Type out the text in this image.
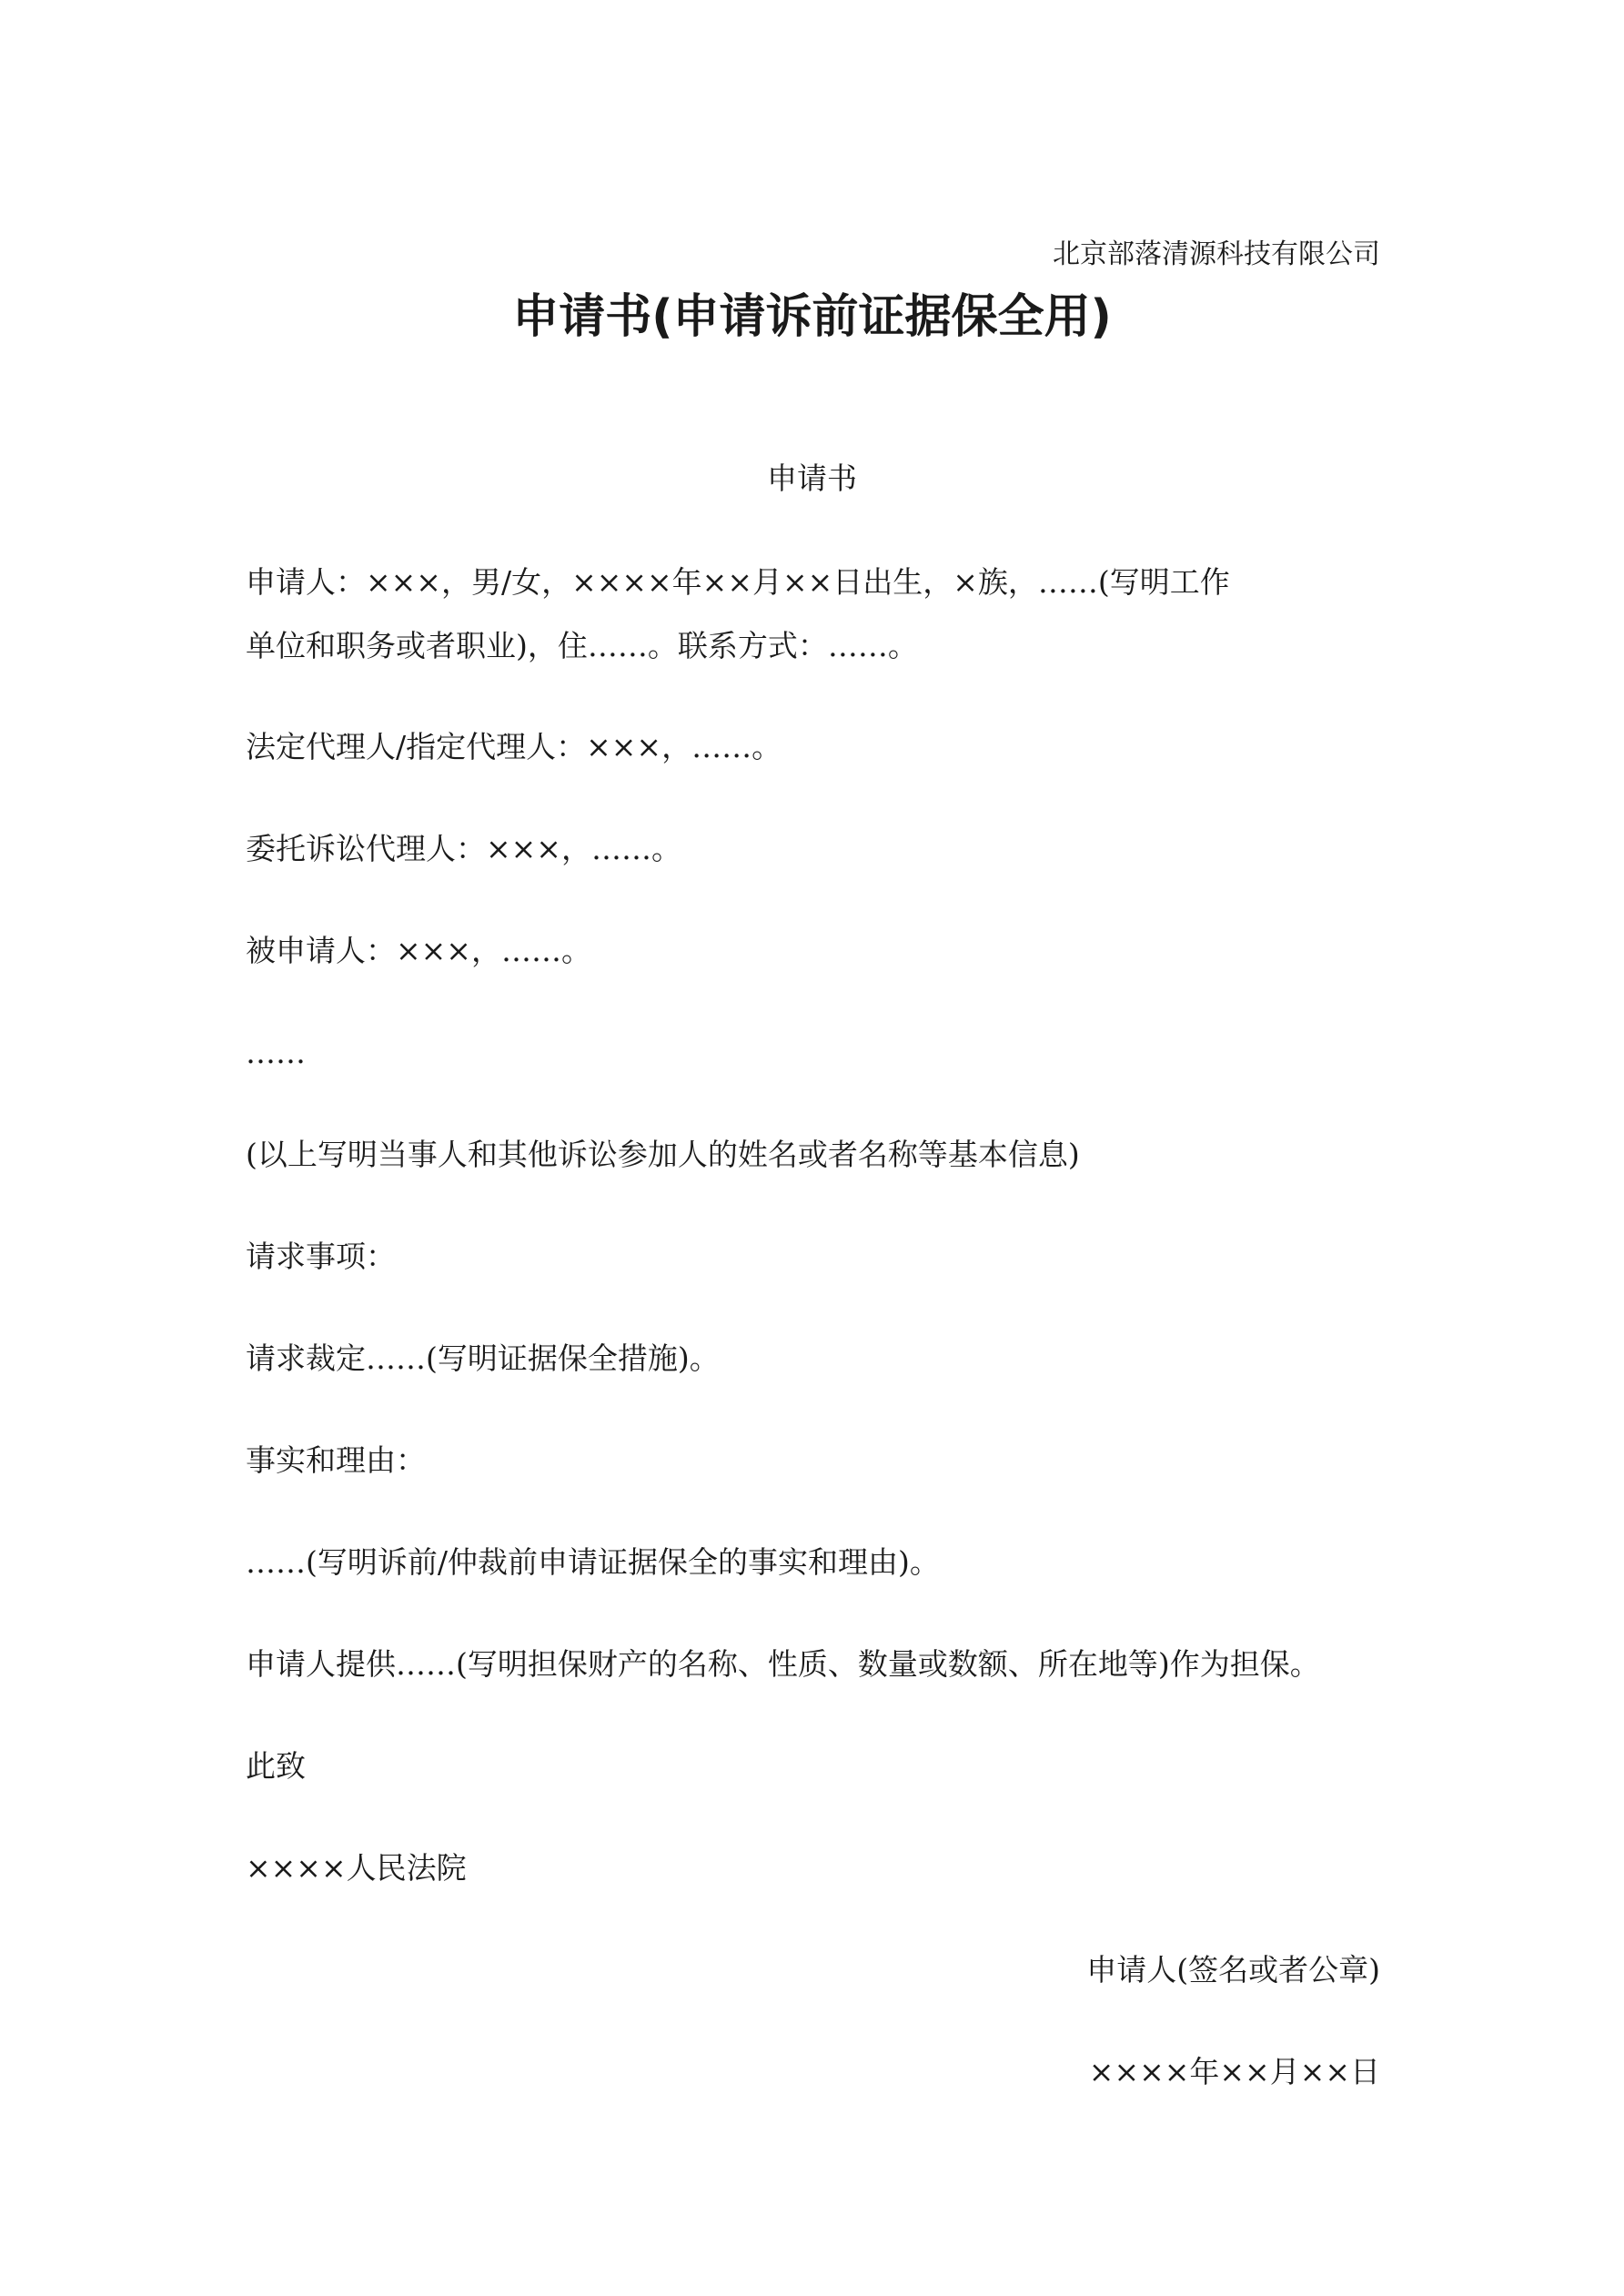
北京部落清源科技有限公司
申请书(申请诉前证据保全用)
申请书
申请人：×××，男/女，××××年××月××日出生，×族，……(写明工作
单位和职务或者职业)，住……。联系方式：……。
法定代理人/指定代理人：×××，……。
委托诉讼代理人：×××，……。
被申请人：×××，……。
……
(以上写明当事人和其他诉讼参加人的姓名或者名称等基本信息)
请求事项：
请求裁定……(写明证据保全措施)。
事实和理由：
……(写明诉前/仲裁前申请证据保全的事实和理由)。
申请人提供……(写明担保财产的名称、性质、数量或数额、所在地等)作为担保。
此致
××××人民法院
申请人(签名或者公章)
××××年××月××日
